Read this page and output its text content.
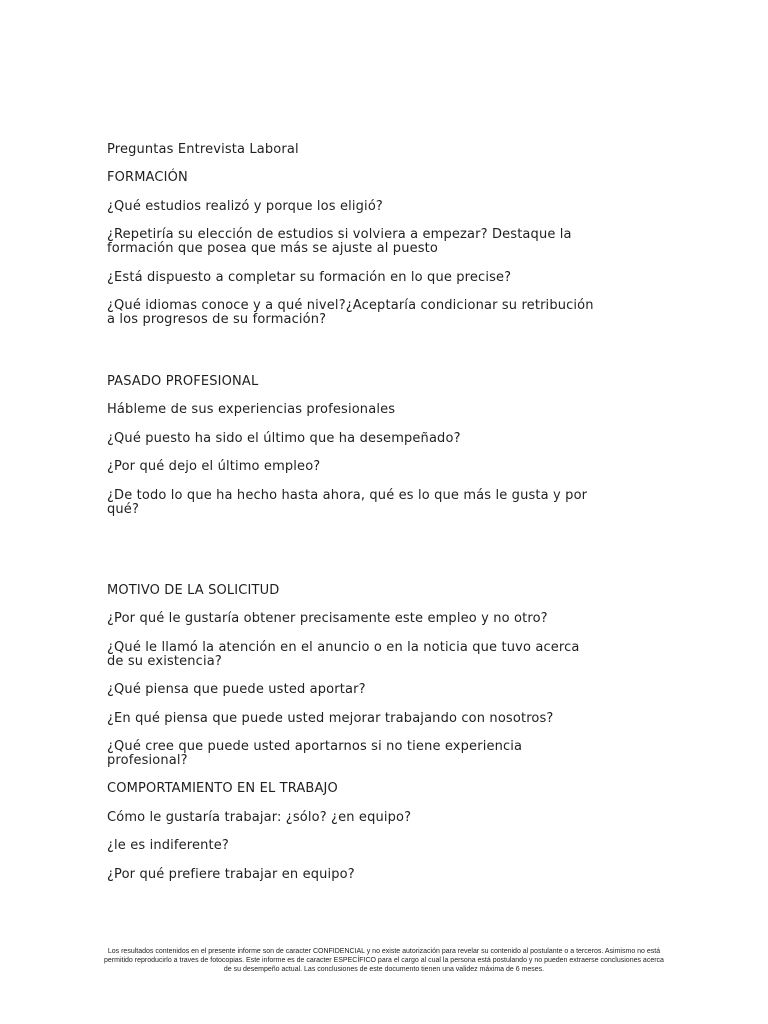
Preguntas Entrevista Laboral
FORMACIÓN
¿Qué estudios realizó y porque los eligió?
¿Repetiría su elección de estudios si volviera a empezar? Destaque la
formación que posea que más se ajuste al puesto
¿Está dispuesto a completar su formación en lo que precise?
¿Qué idiomas conoce y a qué nivel?¿Aceptaría condicionar su retribución
a los progresos de su formación?
PASADO PROFESIONAL
Hábleme de sus experiencias profesionales
¿Qué puesto ha sido el último que ha desempeñado?
¿Por qué dejo el último empleo?
¿De todo lo que ha hecho hasta ahora, qué es lo que más le gusta y por
qué?
MOTIVO DE LA SOLICITUD
¿Por qué le gustaría obtener precisamente este empleo y no otro?
¿Qué le llamó la atención en el anuncio o en la noticia que tuvo acerca
de su existencia?
¿Qué piensa que puede usted aportar?
¿En qué piensa que puede usted mejorar trabajando con nosotros?
¿Qué cree que puede usted aportarnos si no tiene experiencia
profesional?
COMPORTAMIENTO EN EL TRABAJO
Cómo le gustaría trabajar: ¿sólo? ¿en equipo?
¿le es indiferente?
¿Por qué prefiere trabajar en equipo?
Los resultados contenidos en el presente informe son de caracter CONFIDENCIAL y no existe autorización para revelar su contenido al postulante o a terceros. Asimismo no está permitido reproducirlo a traves de fotocopias. Este informe es de caracter ESPECÍFICO para el cargo al cual la persona está postulando y no pueden extraerse conclusiones acerca de su desempeño actual. Las conclusiones de este documento tienen una validez máxima de 6 meses.
